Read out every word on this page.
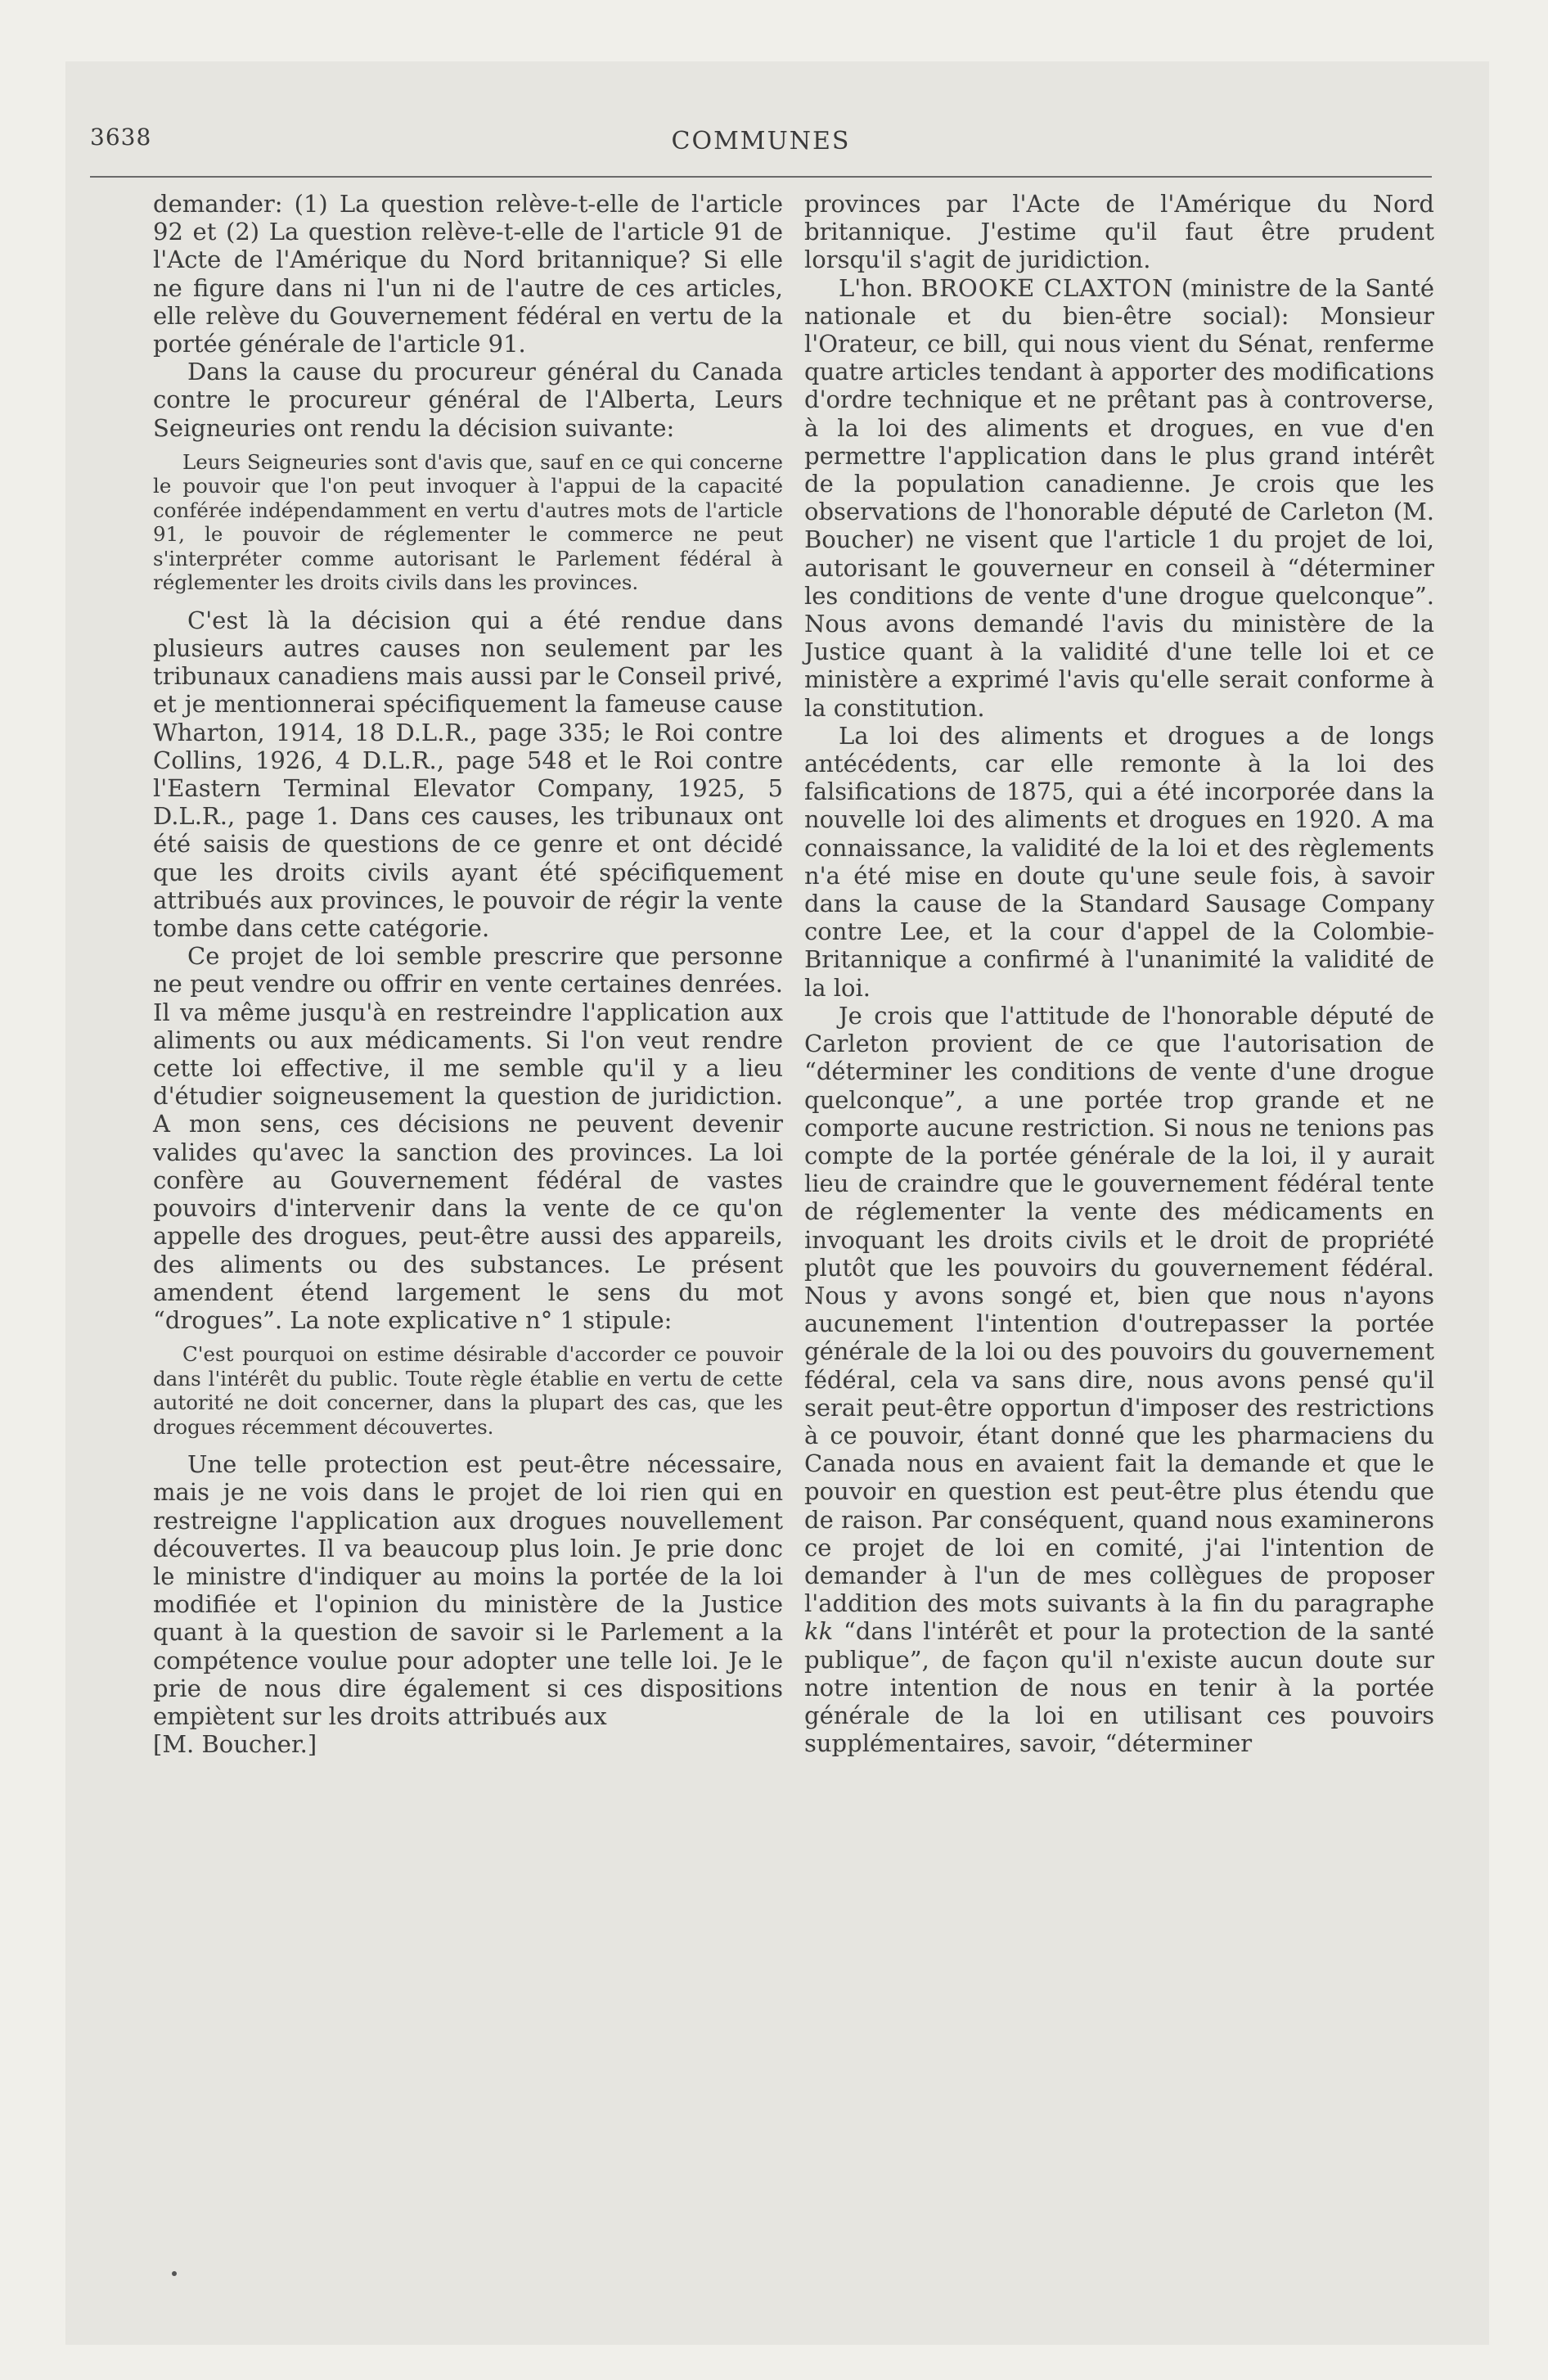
3638	COMMUNES

demander: (1) La question relève-t-elle de l'article 92 et (2) La question relève-t-elle de l'article 91 de l'Acte de l'Amérique du Nord britannique? Si elle ne figure dans ni l'un ni de l'autre de ces articles, elle relève du Gouvernement fédéral en vertu de la portée générale de l'article 91.

Dans la cause du procureur général du Canada contre le procureur général de l'Alberta, Leurs Seigneuries ont rendu la décision suivante:

Leurs Seigneuries sont d'avis que, sauf en ce qui concerne le pouvoir que l'on peut invoquer à l'appui de la capacité conférée indépendamment en vertu d'autres mots de l'article 91, le pouvoir de réglementer le commerce ne peut s'interpréter comme autorisant le Parlement fédéral à réglementer les droits civils dans les provinces.

C'est là la décision qui a été rendue dans plusieurs autres causes non seulement par les tribunaux canadiens mais aussi par le Conseil privé, et je mentionnerai spécifiquement la fameuse cause Wharton, 1914, 18 D.L.R., page 335; le Roi contre Collins, 1926, 4 D.L.R., page 548 et le Roi contre l'Eastern Terminal Elevator Company, 1925, 5 D.L.R., page 1. Dans ces causes, les tribunaux ont été saisis de questions de ce genre et ont décidé que les droits civils ayant été spécifiquement attribués aux provinces, le pouvoir de régir la vente tombe dans cette catégorie.

Ce projet de loi semble prescrire que personne ne peut vendre ou offrir en vente certaines denrées. Il va même jusqu'à en restreindre l'application aux aliments ou aux médicaments. Si l'on veut rendre cette loi effective, il me semble qu'il y a lieu d'étudier soigneusement la question de juridiction. A mon sens, ces décisions ne peuvent devenir valides qu'avec la sanction des provinces. La loi confère au Gouvernement fédéral de vastes pouvoirs d'intervenir dans la vente de ce qu'on appelle des drogues, peut-être aussi des appareils, des aliments ou des substances. Le présent amendent étend largement le sens du mot “drogues”. La note explicative n° 1 stipule:

C'est pourquoi on estime désirable d'accorder ce pouvoir dans l'intérêt du public. Toute règle établie en vertu de cette autorité ne doit concerner, dans la plupart des cas, que les drogues récemment découvertes.

Une telle protection est peut-être nécessaire, mais je ne vois dans le projet de loi rien qui en restreigne l'application aux drogues nouvellement découvertes. Il va beaucoup plus loin. Je prie donc le ministre d'indiquer au moins la portée de la loi modifiée et l'opinion du ministère de la Justice quant à la question de savoir si le Parlement a la compétence voulue pour adopter une telle loi. Je le prie de nous dire également si ces dispositions empiètent sur les droits attribués aux

[M. Boucher.]

provinces par l'Acte de l'Amérique du Nord britannique. J'estime qu'il faut être prudent lorsqu'il s'agit de juridiction.

L'hon. BROOKE CLAXTON (ministre de la Santé nationale et du bien-être social): Monsieur l'Orateur, ce bill, qui nous vient du Sénat, renferme quatre articles tendant à apporter des modifications d'ordre technique et ne prêtant pas à controverse, à la loi des aliments et drogues, en vue d'en permettre l'application dans le plus grand intérêt de la population canadienne. Je crois que les observations de l'honorable député de Carleton (M. Boucher) ne visent que l'article 1 du projet de loi, autorisant le gouverneur en conseil à “déterminer les conditions de vente d'une drogue quelconque”. Nous avons demandé l'avis du ministère de la Justice quant à la validité d'une telle loi et ce ministère a exprimé l'avis qu'elle serait conforme à la constitution.

La loi des aliments et drogues a de longs antécédents, car elle remonte à la loi des falsifications de 1875, qui a été incorporée dans la nouvelle loi des aliments et drogues en 1920. A ma connaissance, la validité de la loi et des règlements n'a été mise en doute qu'une seule fois, à savoir dans la cause de la Standard Sausage Company contre Lee, et la cour d'appel de la Colombie-Britannique a confirmé à l'unanimité la validité de la loi.

Je crois que l'attitude de l'honorable député de Carleton provient de ce que l'autorisation de “déterminer les conditions de vente d'une drogue quelconque”, a une portée trop grande et ne comporte aucune restriction. Si nous ne tenions pas compte de la portée générale de la loi, il y aurait lieu de craindre que le gouvernement fédéral tente de réglementer la vente des médicaments en invoquant les droits civils et le droit de propriété plutôt que les pouvoirs du gouvernement fédéral. Nous y avons songé et, bien que nous n'ayons aucunement l'intention d'outrepasser la portée générale de la loi ou des pouvoirs du gouvernement fédéral, cela va sans dire, nous avons pensé qu'il serait peut-être opportun d'imposer des restrictions à ce pouvoir, étant donné que les pharmaciens du Canada nous en avaient fait la demande et que le pouvoir en question est peut-être plus étendu que de raison. Par conséquent, quand nous examinerons ce projet de loi en comité, j'ai l'intention de demander à l'un de mes collègues de proposer l'addition des mots suivants à la fin du paragraphe kk “dans l'intérêt et pour la protection de la santé publique”, de façon qu'il n'existe aucun doute sur notre intention de nous en tenir à la portée générale de la loi en utilisant ces pouvoirs supplémentaires, savoir, “déterminer
